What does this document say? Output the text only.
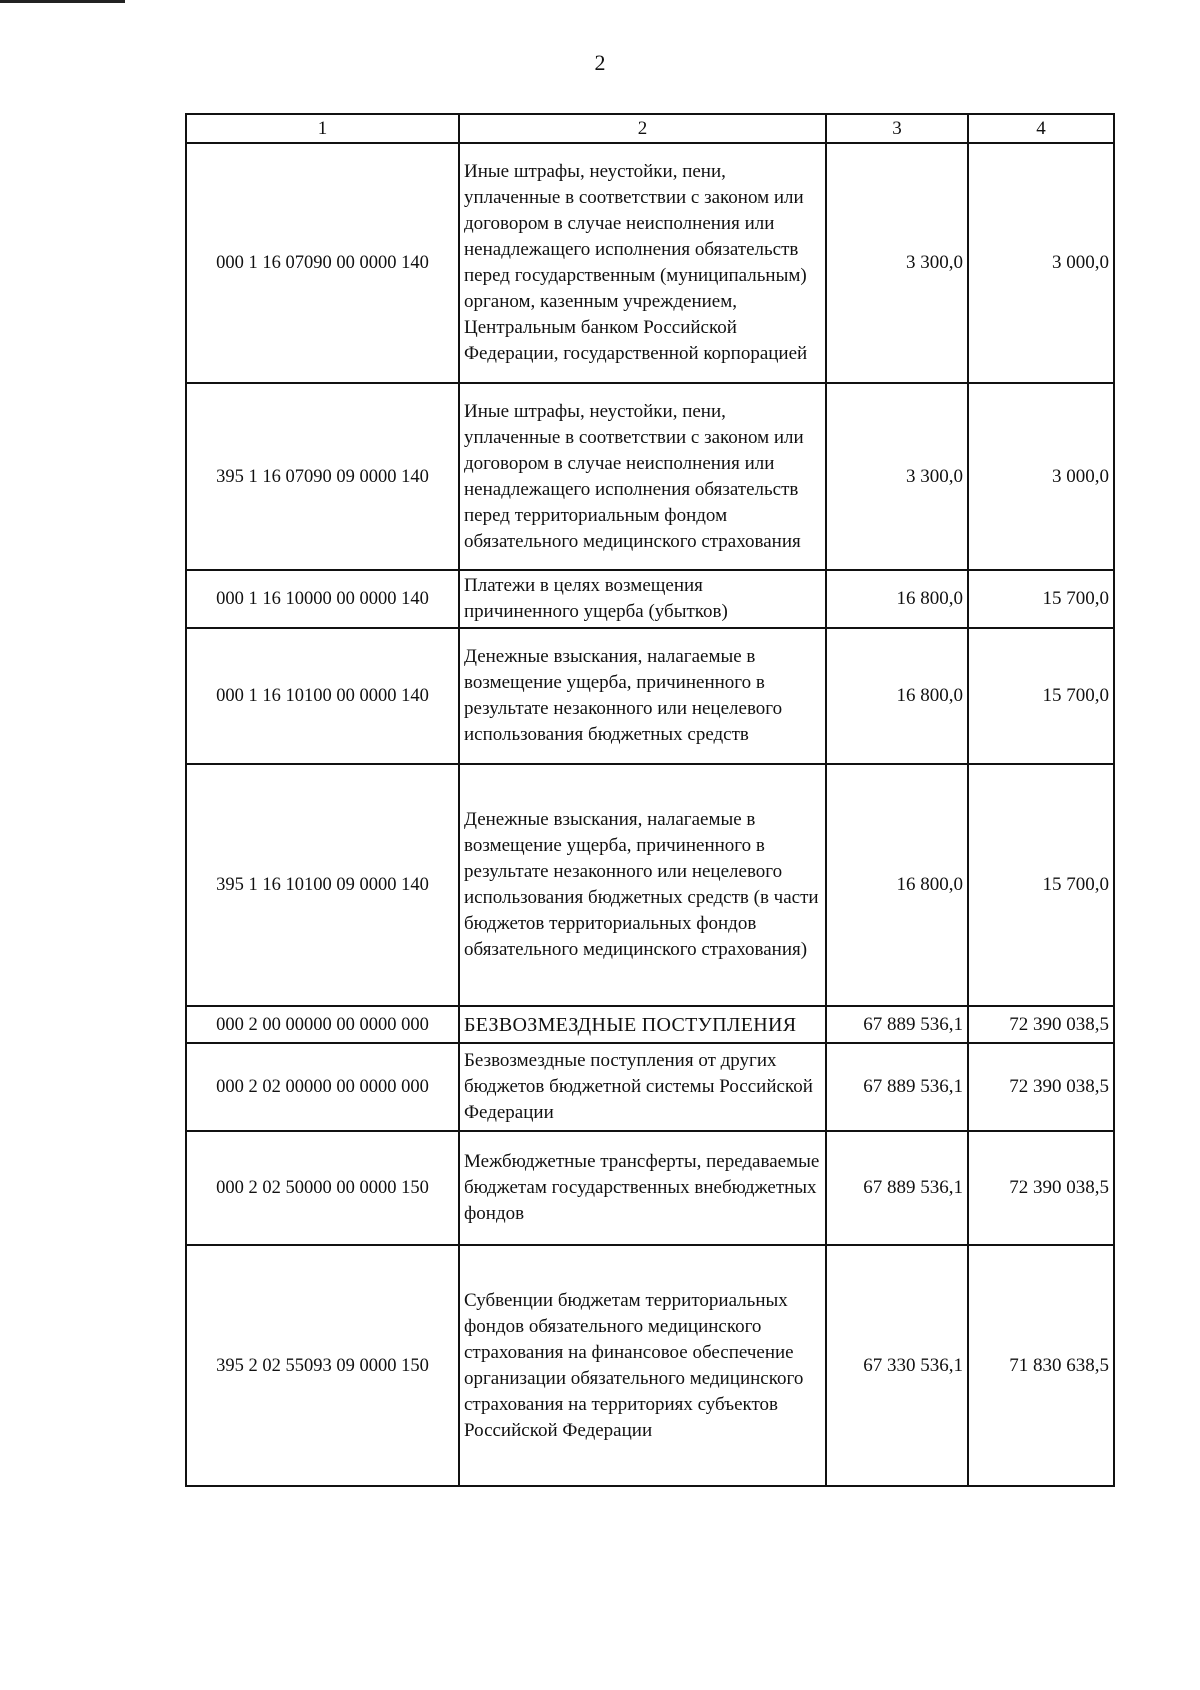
2
1	2	3	4
000 1 16 07090 00 0000 140	Иные штрафы, неустойки, пени, уплаченные в соответствии с законом или договором в случае неисполнения или ненадлежащего исполнения обязательств перед государственным (муниципальным) органом, казенным учреждением, Центральным банком Российской Федерации, государственной корпорацией	3 300,0	3 000,0
395 1 16 07090 09 0000 140	Иные штрафы, неустойки, пени, уплаченные в соответствии с законом или договором в случае неисполнения или ненадлежащего исполнения обязательств перед территориальным фондом обязательного медицинского страхования	3 300,0	3 000,0
000 1 16 10000 00 0000 140	Платежи в целях возмещения причиненного ущерба (убытков)	16 800,0	15 700,0
000 1 16 10100 00 0000 140	Денежные взыскания, налагаемые в возмещение ущерба, причиненного в результате незаконного или нецелевого использования бюджетных средств	16 800,0	15 700,0
395 1 16 10100 09 0000 140	Денежные взыскания, налагаемые в возмещение ущерба, причиненного в результате незаконного или нецелевого использования бюджетных средств (в части бюджетов территориальных фондов обязательного медицинского страхования)	16 800,0	15 700,0
000 2 00 00000 00 0000 000	БЕЗВОЗМЕЗДНЫЕ ПОСТУПЛЕНИЯ	67 889 536,1	72 390 038,5
000 2 02 00000 00 0000 000	Безвозмездные поступления от других бюджетов бюджетной системы Российской Федерации	67 889 536,1	72 390 038,5
000 2 02 50000 00 0000 150	Межбюджетные трансферты, передаваемые бюджетам государственных внебюджетных фондов	67 889 536,1	72 390 038,5
395 2 02 55093 09 0000 150	Субвенции бюджетам территориальных фондов обязательного медицинского страхования на финансовое обеспечение организации обязательного медицинского страхования на территориях субъектов Российской Федерации	67 330 536,1	71 830 638,5
